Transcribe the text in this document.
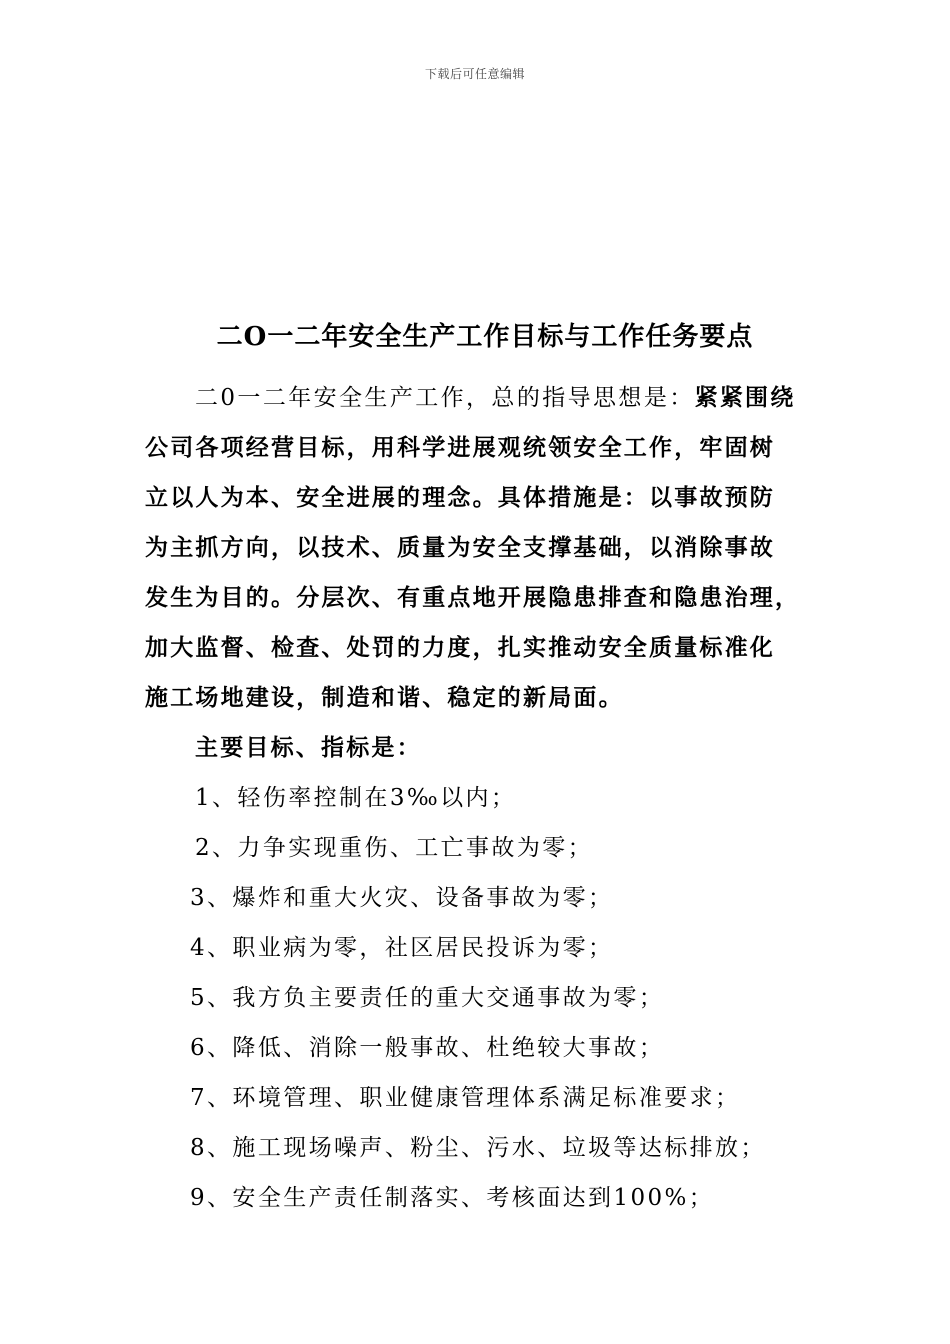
下载后可任意编辑
二O一二年安全生产工作目标与工作任务要点
二0一二年安全生产工作，总的指导思想是：紧紧围绕
公司各项经营目标，用科学进展观统领安全工作，牢固树
立以人为本、安全进展的理念。具体措施是：以事故预防
为主抓方向，以技术、质量为安全支撑基础，以消除事故
发生为目的。分层次、有重点地开展隐患排查和隐患治理，
加大监督、检查、处罚的力度，扎实推动安全质量标准化
施工场地建设，制造和谐、稳定的新局面。
主要目标、指标是：
1、轻伤率控制在3‰以内；
2、力争实现重伤、工亡事故为零；
3、爆炸和重大火灾、设备事故为零；
4、职业病为零，社区居民投诉为零；
5、我方负主要责任的重大交通事故为零；
6、降低、消除一般事故、杜绝较大事故；
7、环境管理、职业健康管理体系满足标准要求；
8、施工现场噪声、粉尘、污水、垃圾等达标排放；
9、安全生产责任制落实、考核面达到100%；
